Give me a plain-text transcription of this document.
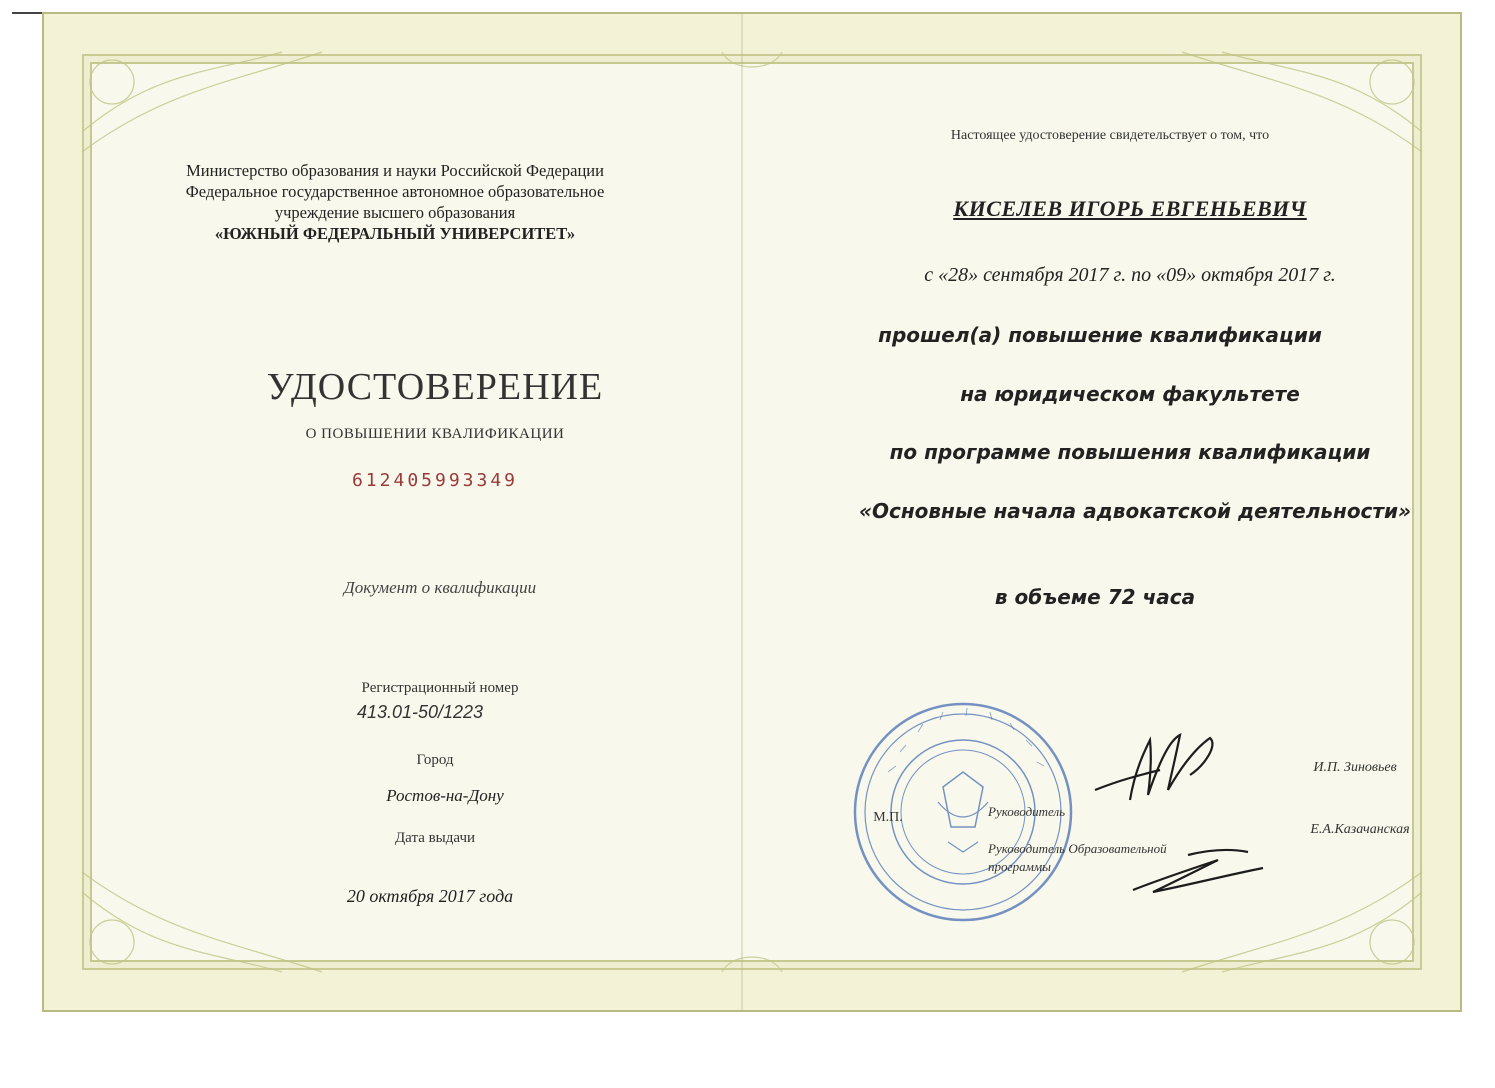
Министерство образования и науки Российской Федерации
Федеральное государственное автономное образовательное
учреждение высшего образования
«ЮЖНЫЙ ФЕДЕРАЛЬНЫЙ УНИВЕРСИТЕТ»
УДОСТОВЕРЕНИЕ
О ПОВЫШЕНИИ КВАЛИФИКАЦИИ
612405993349
Документ о квалификации
Регистрационный номер
413.01-50/1223
Город
Ростов-на-Дону
Дата выдачи
20 октября 2017 года
Настоящее удостоверение свидетельствует о том, что
КИСЕЛЕВ ИГОРЬ ЕВГЕНЬЕВИЧ
с «28» сентября 2017 г. по «09» октября 2017 г.
прошел(а) повышение квалификации
на юридическом факультете
по программе повышения квалификации
«Основные начала адвокатской деятельности»
в объеме 72 часа
М.П.	Руководитель
Руководитель Образовательной
программы
И.П. Зиновьев
Е.А.Казачанская
